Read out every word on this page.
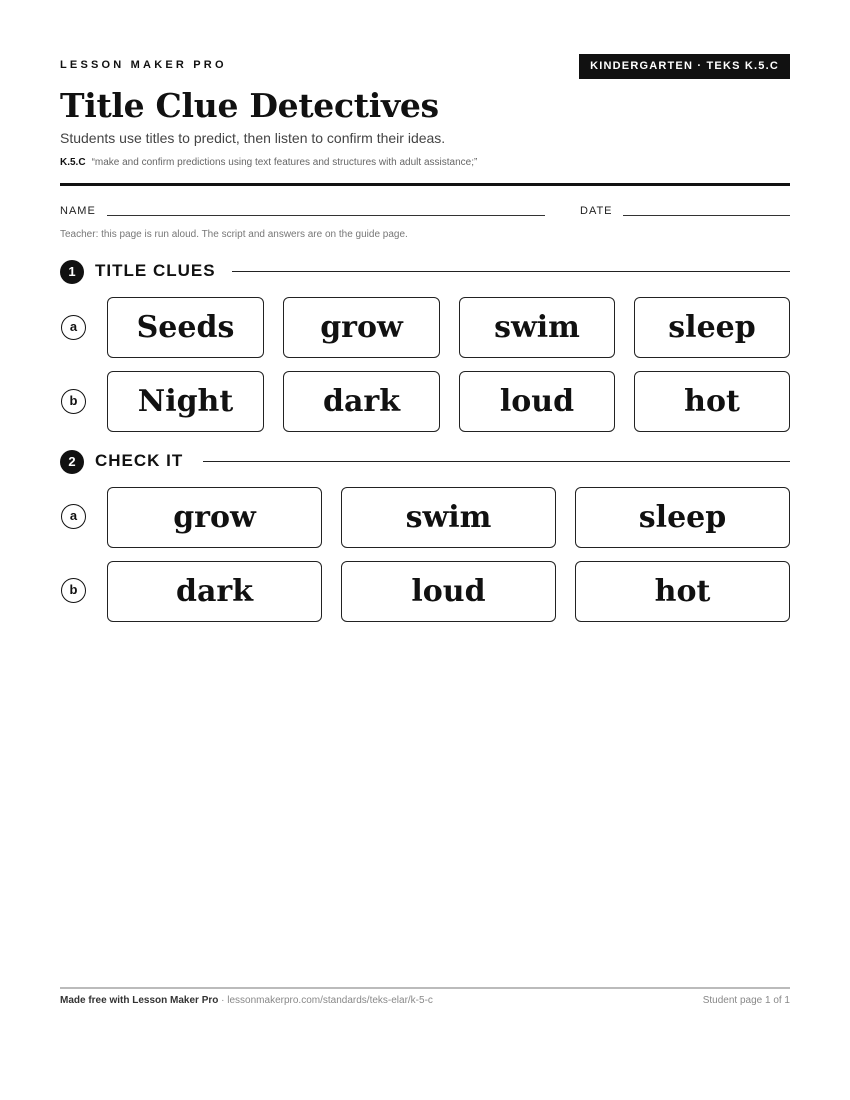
LESSON MAKER PRO	KINDERGARTEN · TEKS K.5.C
Title Clue Detectives
Students use titles to predict, then listen to confirm their ideas.
K.5.C “make and confirm predictions using text features and structures with adult assistance;”
NAME	DATE
Teacher: this page is run aloud. The script and answers are on the guide page.
1	TITLE CLUES
a	Seeds	grow	swim	sleep
b	Night	dark	loud	hot
2	CHECK IT
a	grow	swim	sleep
b	dark	loud	hot
Made free with Lesson Maker Pro · lessonmakerpro.com/standards/teks-elar/k-5-c	Student page 1 of 1
